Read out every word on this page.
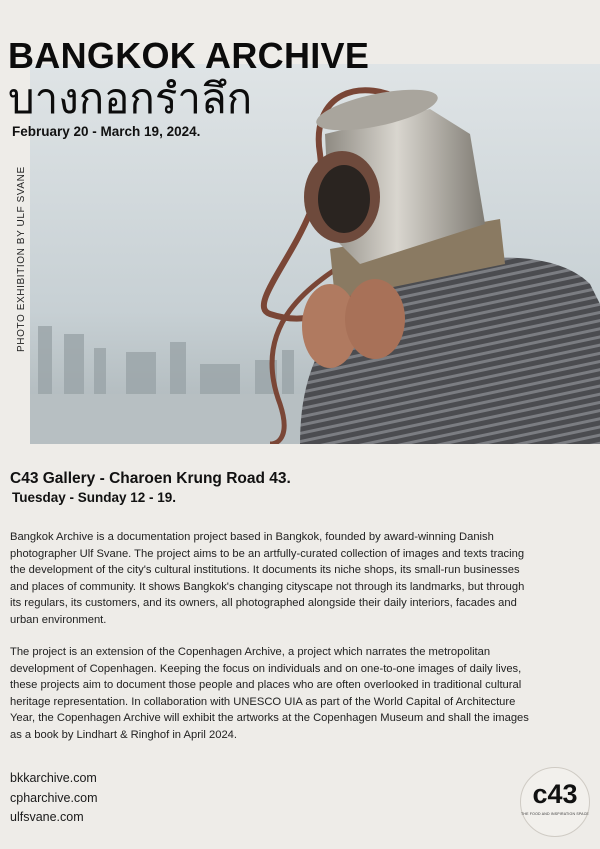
BANGKOK ARCHIVE
บางกอกรำลึก
February 20 - March 19, 2024.
PHOTO EXHIBITION BY ULF SVANE
C43 Gallery - Charoen Krung Road 43.
Tuesday - Sunday 12 - 19.

Bangkok Archive is a documentation project based in Bangkok, founded by award-winning Danish photographer Ulf Svane. The project aims to be an artfully-curated collection of images and texts tracing the development of the city's cultural institutions. It documents its niche shops, its small-run businesses and places of community. It shows Bangkok's changing cityscape not through its landmarks, but through its regulars, its customers, and its owners, all photographed alongside their daily interiors, facades and urban environment.

The project is an extension of the Copenhagen Archive, a project which narrates the metropolitan development of Copenhagen. Keeping the focus on individuals and on one-to-one images of daily lives, these projects aim to document those people and places who are often overlooked in traditional cultural heritage representation. In collaboration with UNESCO UIA as part of the World Capital of Architecture Year, the Copenhagen Archive will exhibit the artworks at the Copenhagen Museum and shall the images as a book by Lindhart & Ringhof in April 2024.

bkkarchive.com
cpharchive.com
ulfsvane.com
c43
THE FOOD AND INSPIRATION SPACE
